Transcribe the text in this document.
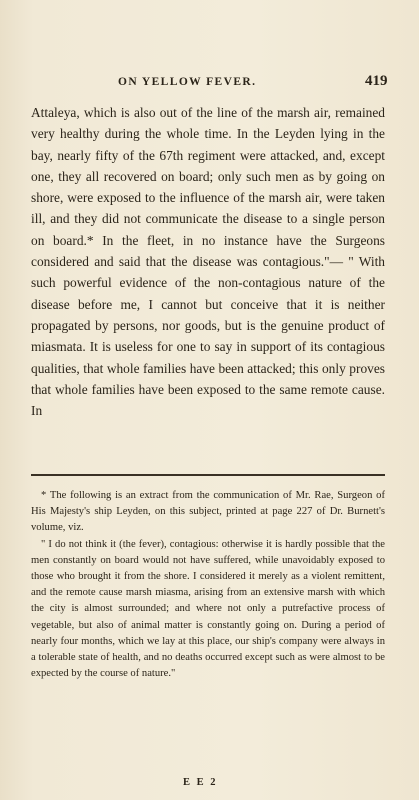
ON YELLOW FEVER.	419

Attaleya, which is also out of the line of the marsh air, remained very healthy during the whole time. In the Leyden lying in the bay, nearly fifty of the 67th regiment were attacked, and, except one, they all recovered on board; only such men as by going on shore, were exposed to the influence of the marsh air, were taken ill, and they did not communicate the disease to a single person on board.* In the fleet, in no instance have the Surgeons considered and said that the disease was contagious."— " With such powerful evidence of the non-contagious nature of the disease before me, I cannot but conceive that it is neither propagated by persons, nor goods, but is the genuine product of miasmata. It is useless for one to say in support of its contagious qualities, that whole families have been attacked; this only proves that whole families have been exposed to the same remote cause. In

* The following is an extract from the communication of Mr. Rae, Surgeon of His Majesty's ship Leyden, on this subject, printed at page 227 of Dr. Burnett's volume, viz.

" I do not think it (the fever), contagious: otherwise it is hardly possible that the men constantly on board would not have suffered, while unavoidably exposed to those who brought it from the shore. I considered it merely as a violent remittent, and the remote cause marsh miasma, arising from an extensive marsh with which the city is almost surrounded; and where not only a putrefactive process of vegetable, but also of animal matter is constantly going on. During a period of nearly four months, which we lay at this place, our ship's company were always in a tolerable state of health, and no deaths occurred except such as were almost to be expected by the course of nature."

E E 2
